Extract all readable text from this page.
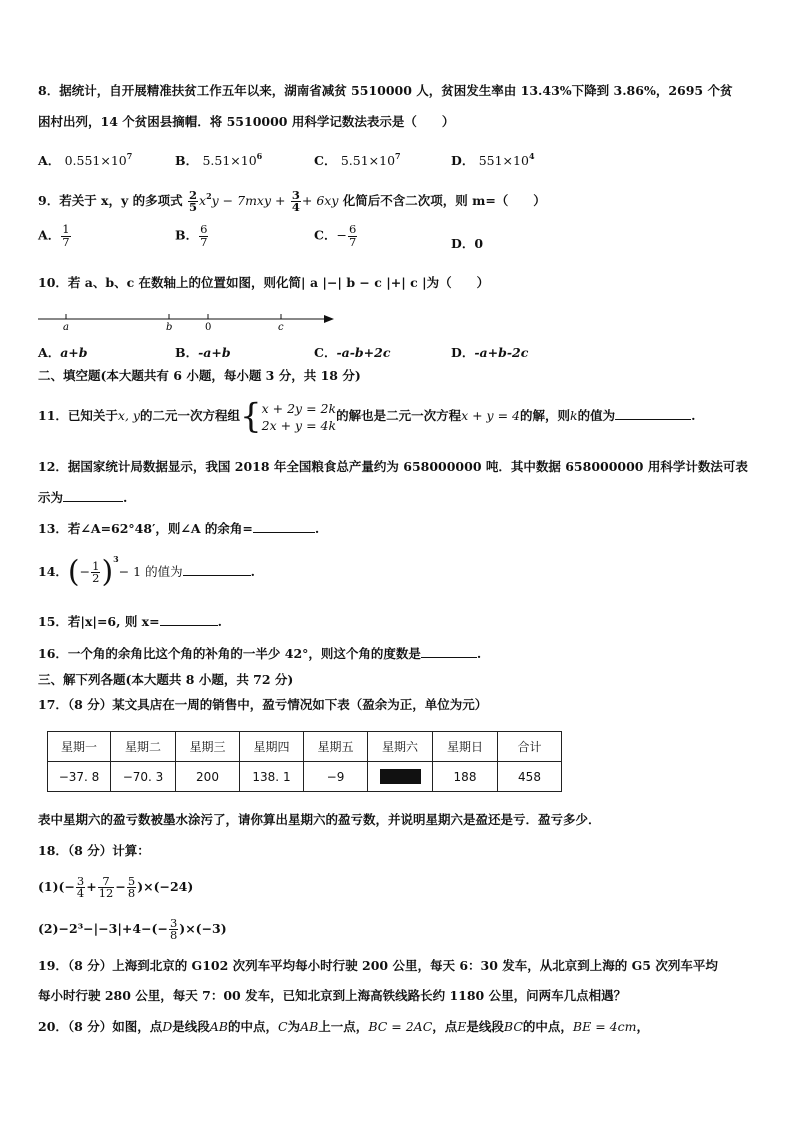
8．据统计，自开展精准扶贫工作五年以来，湖南省减贫 5510000 人，贫困发生率由 13.43%下降到 3.86%，2695 个贫
困村出列，14 个贫困县摘帽．将 5510000 用科学记数法表示是（　　）
A． $0.551\times 10^7$	B． $5.51\times 10^6$	C． $5.51\times 10^7$	D． $551\times 10^4$
9．若关于 x，y 的多项式 $\frac{2}{5} x^2y - 7mxy + \frac{3}{4} + 6xy$ 化简后不含二次项，则 m=（　　）
A． $\frac{1}{7}$	B． $\frac{6}{7}$	C．− $\frac{6}{7}$	D．0
10．若 a、b、c 在数轴上的位置如图，则化简| a |−| b − c |+| c |为（　　）
a	b	0	c
A．a+b	B．-a+b	C．-a-b+2c	D．-a+b-2c
二、填空题(本大题共有 6 小题，每小题 3 分，共 18 分)
11．已知关于x, y的二元一次方程组{x + 2y = 2k
2x + y = 4k的解也是二元一次方程x + y = 4的解，则k的值为	.
12．据国家统计局数据显示，我国 2018 年全国粮食总产量约为 658000000 吨．其中数据 658000000 用科学计数法可表
示为	.
13．若∠A=62°48′，则∠A 的余角=	.
14．(− $\frac{1}{2} )^3- 1$ 的值为	.
15．若|x|=6, 则 x=	.
16．一个角的余角比这个角的补角的一半少 42°，则这个角的度数是	.
三、解下列各题(本大题共 8 小题，共 72 分)
17．（8 分）某文具店在一周的销售中，盈亏情况如下表（盈余为正，单位为元）
星期一	星期二	星期三	星期四	星期五	星期六	星期日	合计
−37. 8	−70. 3	200	138. 1	−9		188	458
表中星期六的盈亏数被墨水涂污了，请你算出星期六的盈亏数，并说明星期六是盈还是亏．盈亏多少．
18．（8 分）计算：
$(1)(- \frac{3}{4} + \frac{7}{12} - \frac{5}{8} )\times(-24)$
$(2)-2^3-|-3|+4-(- \frac{3}{8} )\times(-3)$
19．（8 分）上海到北京的 G102 次列车平均每小时行驶 200 公里，每天 6：30 发车，从北京到上海的 G5 次列车平均
每小时行驶 280 公里，每天 7：00 发车，已知北京到上海高铁线路长约 1180 公里，问两车几点相遇？
20．（8 分）如图，点D是线段AB的中点，C为AB上一点，BC = 2AC，点E是线段BC的中点，BE = 4cm，
